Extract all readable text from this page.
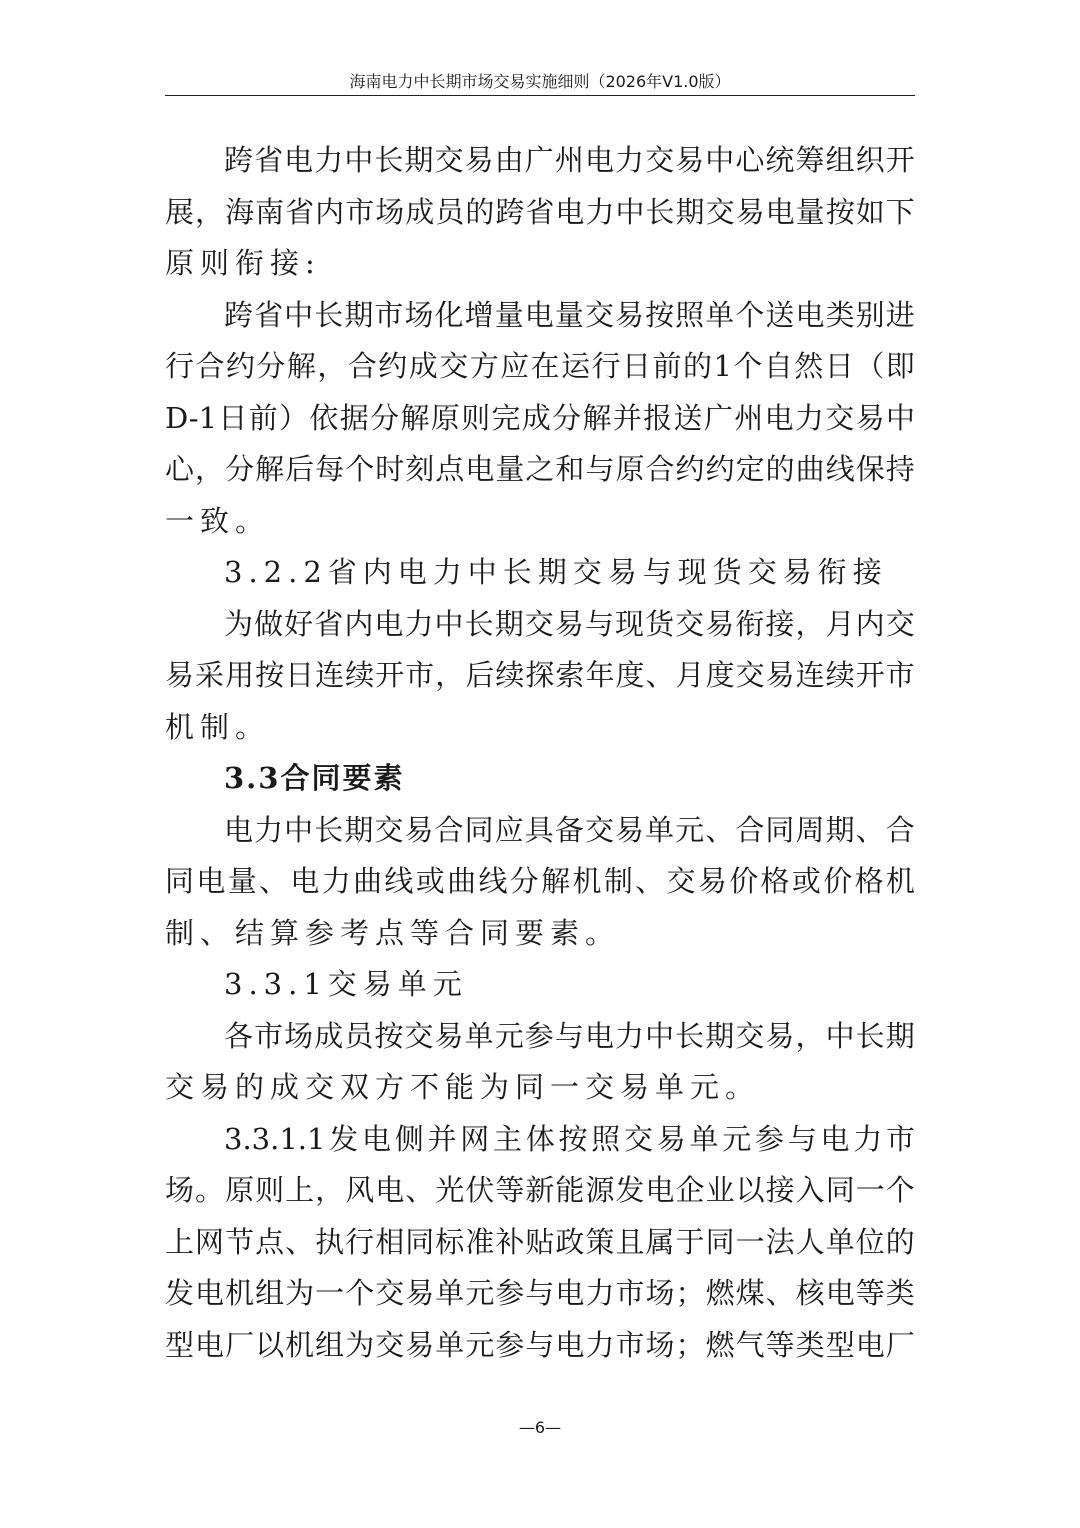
海南电力中长期市场交易实施细则（2026年V1.0版）
跨 省 电 力 中 长 期 交 易 由 广 州 电 力 交 易 中 心 统 筹 组 织 开
展 ， 海 南 省 内 市 场 成 员 的 跨 省 电 力 中 长 期 交 易 电 量 按 如 下
原则衔接:
跨 省 中 长 期 市 场 化 增 量 电 量 交 易 按 照 单 个 送 电 类 别 进
行 合 约 分 解 ， 合 约 成 交 方 应 在 运 行 日 前 的 1 个 自 然 日 （ 即
D-1 日 前 ） 依 据 分 解 原 则 完 成 分 解 并 报 送 广 州 电 力 交 易 中
心 ， 分 解 后 每 个 时 刻 点 电 量 之 和 与 原 合 约 约 定 的 曲 线 保 持
一致。
3.2.2省内电力中长期交易与现货交易衔接
为 做 好 省 内 电 力 中 长 期 交 易 与 现 货 交 易 衔 接 ， 月 内 交
易 采 用 按 日 连 续 开 市 ， 后 续 探 索 年 度 、 月 度 交 易 连 续 开 市
机制。
3.3合同要素
电 力 中 长 期 交 易 合 同 应 具 备 交 易 单 元 、 合 同 周 期 、 合
同 电 量 、 电 力 曲 线 或 曲 线 分 解 机 制 、 交 易 价 格 或 价 格 机
制、结算参考点等合同要素。
3.3.1交易单元
各 市 场 成 员 按 交 易 单 元 参 与 电 力 中 长 期 交 易 ， 中 长 期
交易的成交双方不能为同一交易单元。
3.3.1.1 发 电 侧 并 网 主 体 按 照 交 易 单 元 参 与 电 力 市
场 。 原 则 上 ， 风 电 、 光 伏 等 新 能 源 发 电 企 业 以 接 入 同 一 个
上 网 节 点 、 执 行 相 同 标 准 补 贴 政 策 且 属 于 同 一 法 人 单 位 的
发 电 机 组 为 一 个 交 易 单 元 参 与 电 力 市 场 ； 燃 煤 、 核 电 等 类
型 电 厂 以 机 组 为 交 易 单 元 参 与 电 力 市 场 ； 燃 气 等 类 型 电 厂
—6—
